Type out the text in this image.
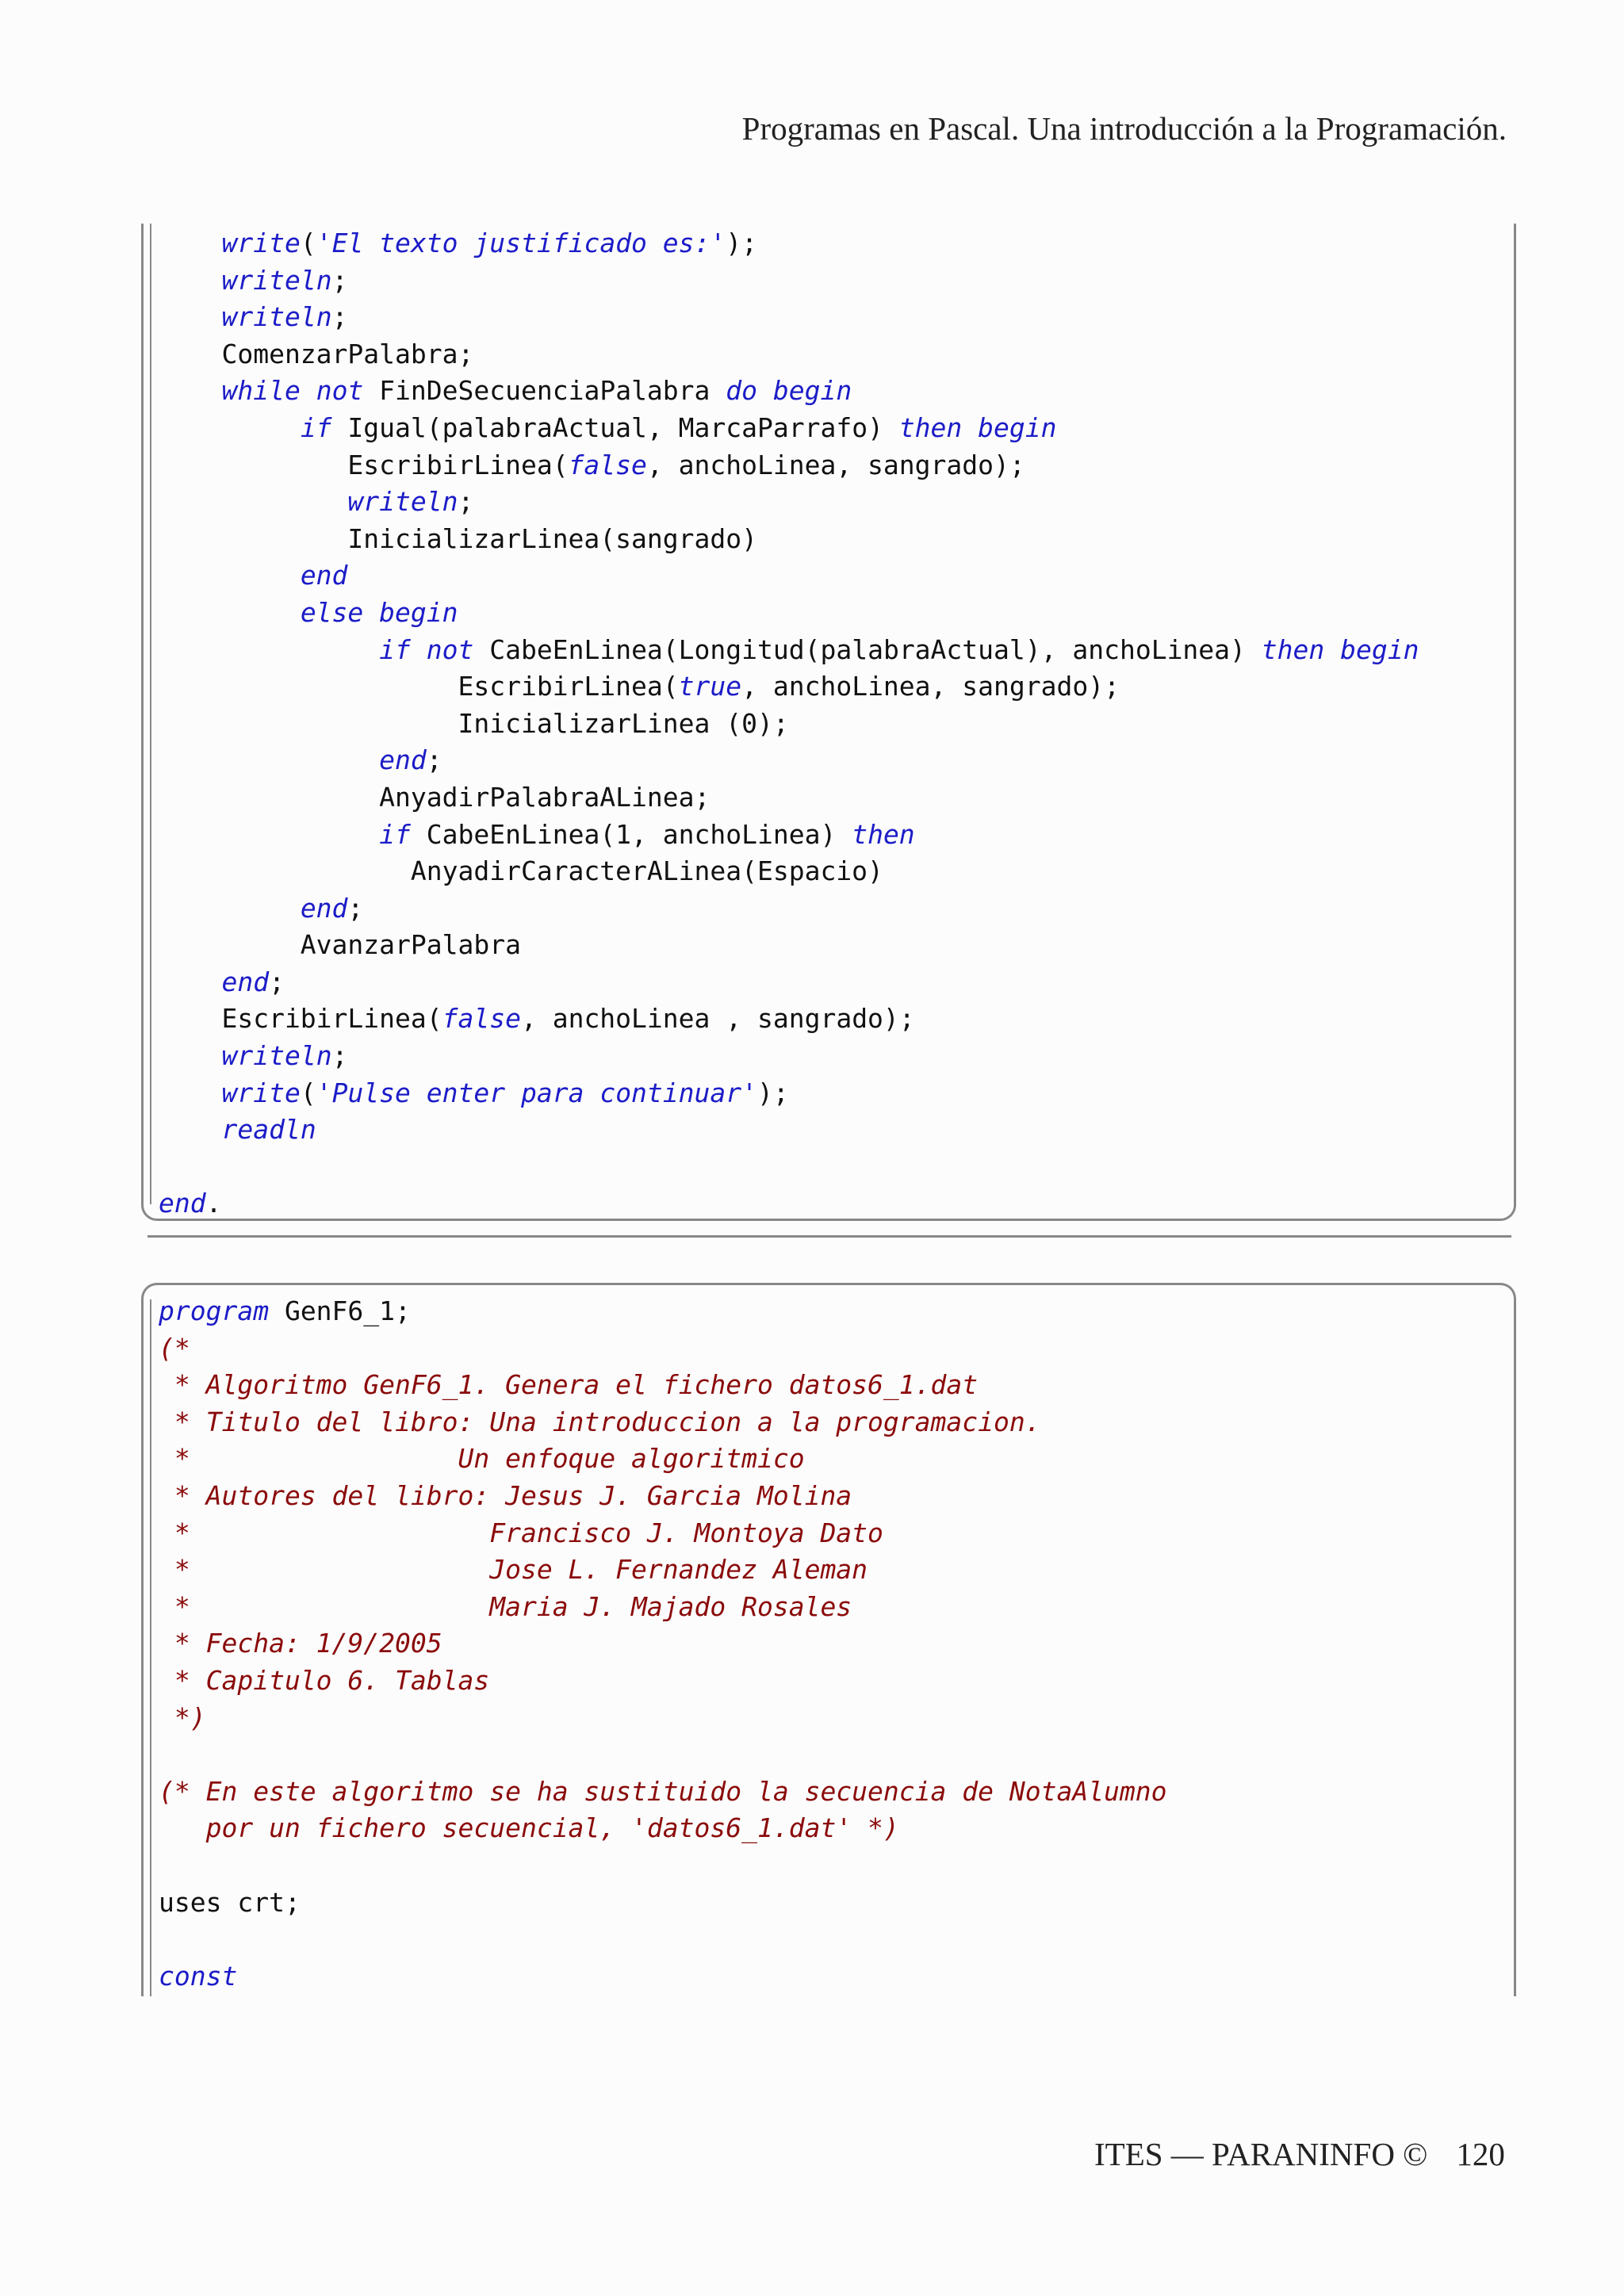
Programas en Pascal. Una introducción a la Programación.
write('El texto justificado es:');
writeln;
writeln;
ComenzarPalabra;
while not FinDeSecuenciaPalabra do begin
if Igual(palabraActual, MarcaParrafo) then begin
EscribirLinea(false, anchoLinea, sangrado);
writeln;
InicializarLinea(sangrado)
end
else begin
if not CabeEnLinea(Longitud(palabraActual), anchoLinea) then begin
EscribirLinea(true, anchoLinea, sangrado);
InicializarLinea (0);
end;
AnyadirPalabraALinea;
if CabeEnLinea(1, anchoLinea) then
AnyadirCaracterALinea(Espacio)
end;
AvanzarPalabra
end;
EscribirLinea(false, anchoLinea , sangrado);
writeln;
write('Pulse enter para continuar');
readln

end.
program GenF6_1;
(*
* Algoritmo GenF6_1. Genera el fichero datos6_1.dat
* Titulo del libro: Una introduccion a la programacion.
*                 Un enfoque algoritmico
* Autores del libro: Jesus J. Garcia Molina
*                   Francisco J. Montoya Dato
*                   Jose L. Fernandez Aleman
*                   Maria J. Majado Rosales
* Fecha: 1/9/2005
* Capitulo 6. Tablas
*)

(* En este algoritmo se ha sustituido la secuencia de NotaAlumno
por un fichero secuencial, 'datos6_1.dat' *)

uses crt;

const
ITES — PARANINFO © 120
